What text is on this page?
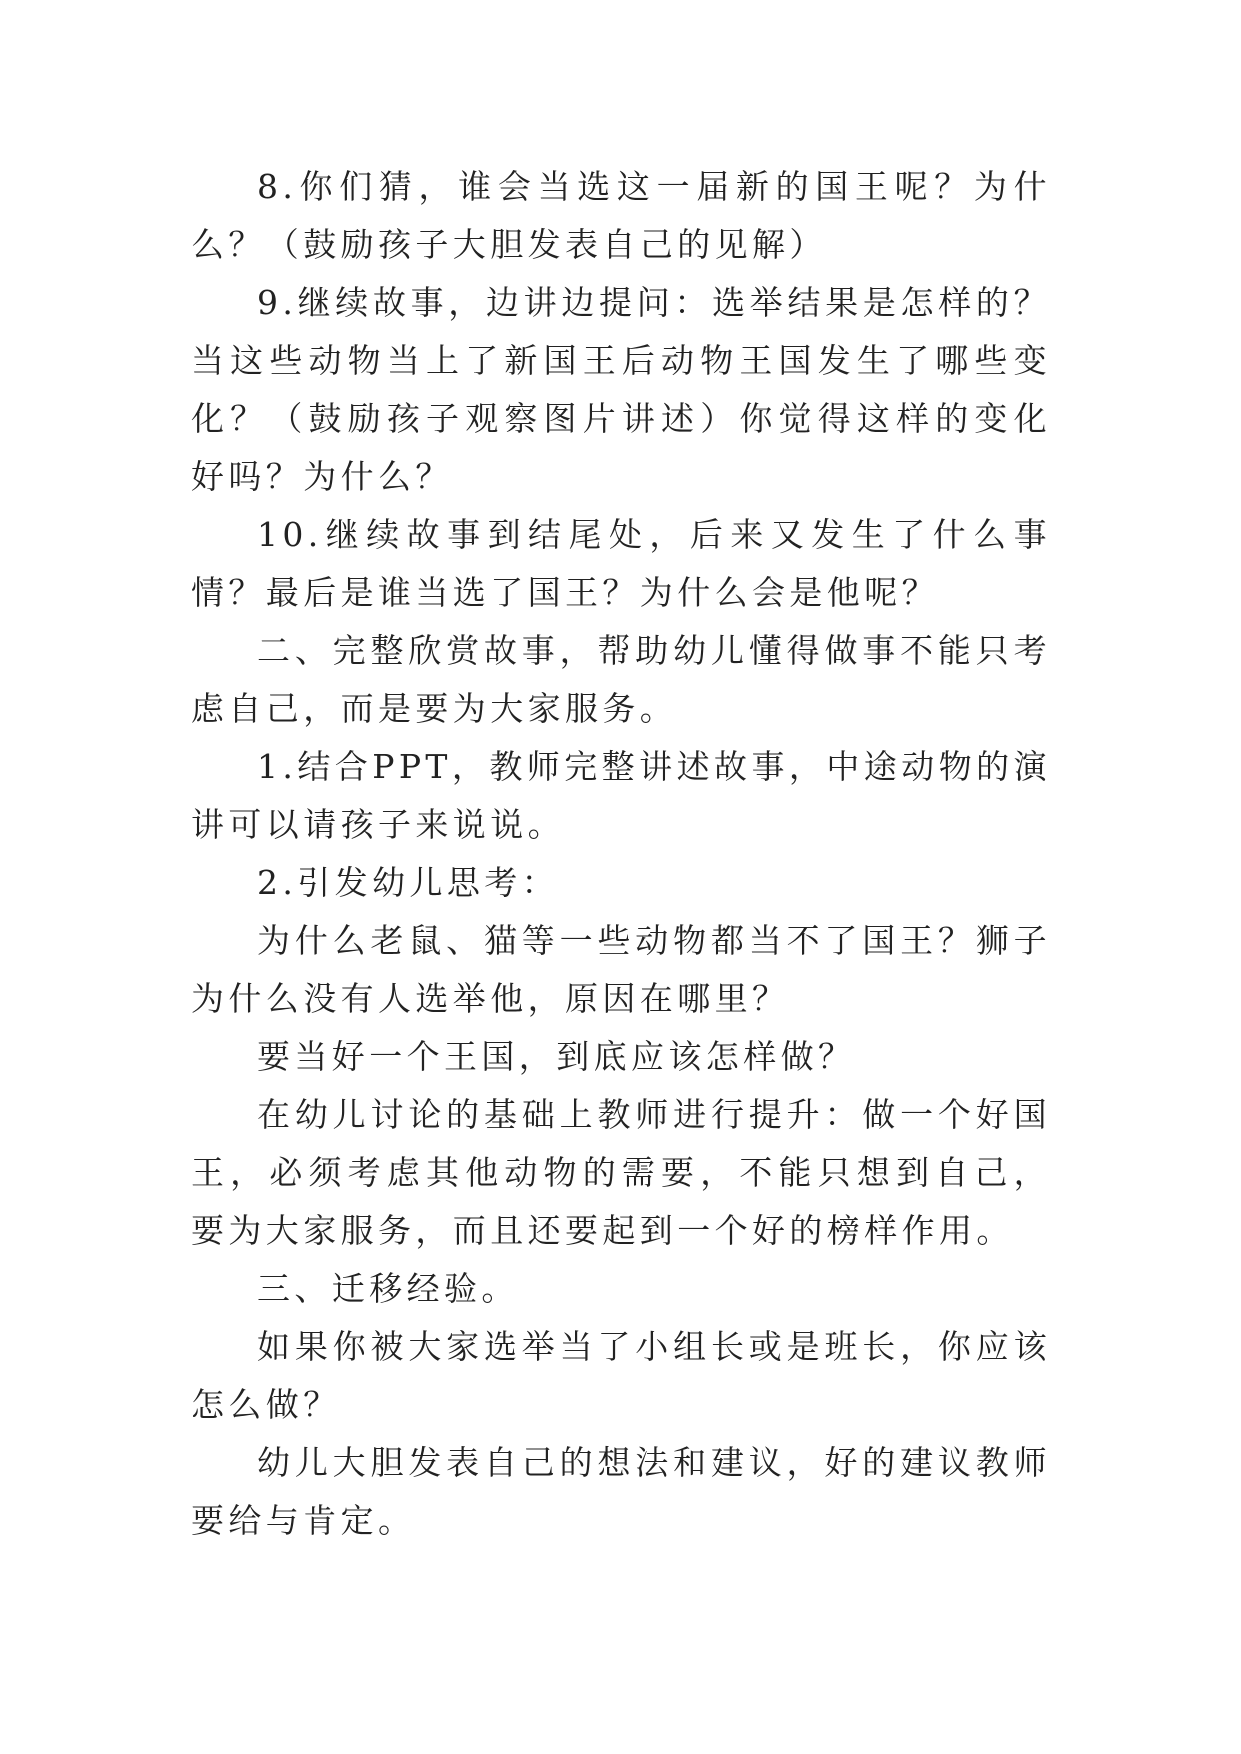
8.你们猜，谁会当选这一届新的国王呢？为什么？（鼓励孩子大胆发表自己的见解）

9.继续故事，边讲边提问：选举结果是怎样的？当这些动物当上了新国王后动物王国发生了哪些变化？（鼓励孩子观察图片讲述）你觉得这样的变化好吗？为什么？

10.继续故事到结尾处，后来又发生了什么事情？最后是谁当选了国王？为什么会是他呢？

二、完整欣赏故事，帮助幼儿懂得做事不能只考虑自己，而是要为大家服务。

1.结合PPT，教师完整讲述故事，中途动物的演讲可以请孩子来说说。

2.引发幼儿思考：

为什么老鼠、猫等一些动物都当不了国王？狮子为什么没有人选举他，原因在哪里？

要当好一个王国，到底应该怎样做？

在幼儿讨论的基础上教师进行提升：做一个好国王，必须考虑其他动物的需要，不能只想到自己，要为大家服务，而且还要起到一个好的榜样作用。

三、迁移经验。

如果你被大家选举当了小组长或是班长，你应该怎么做？

幼儿大胆发表自己的想法和建议，好的建议教师要给与肯定。
